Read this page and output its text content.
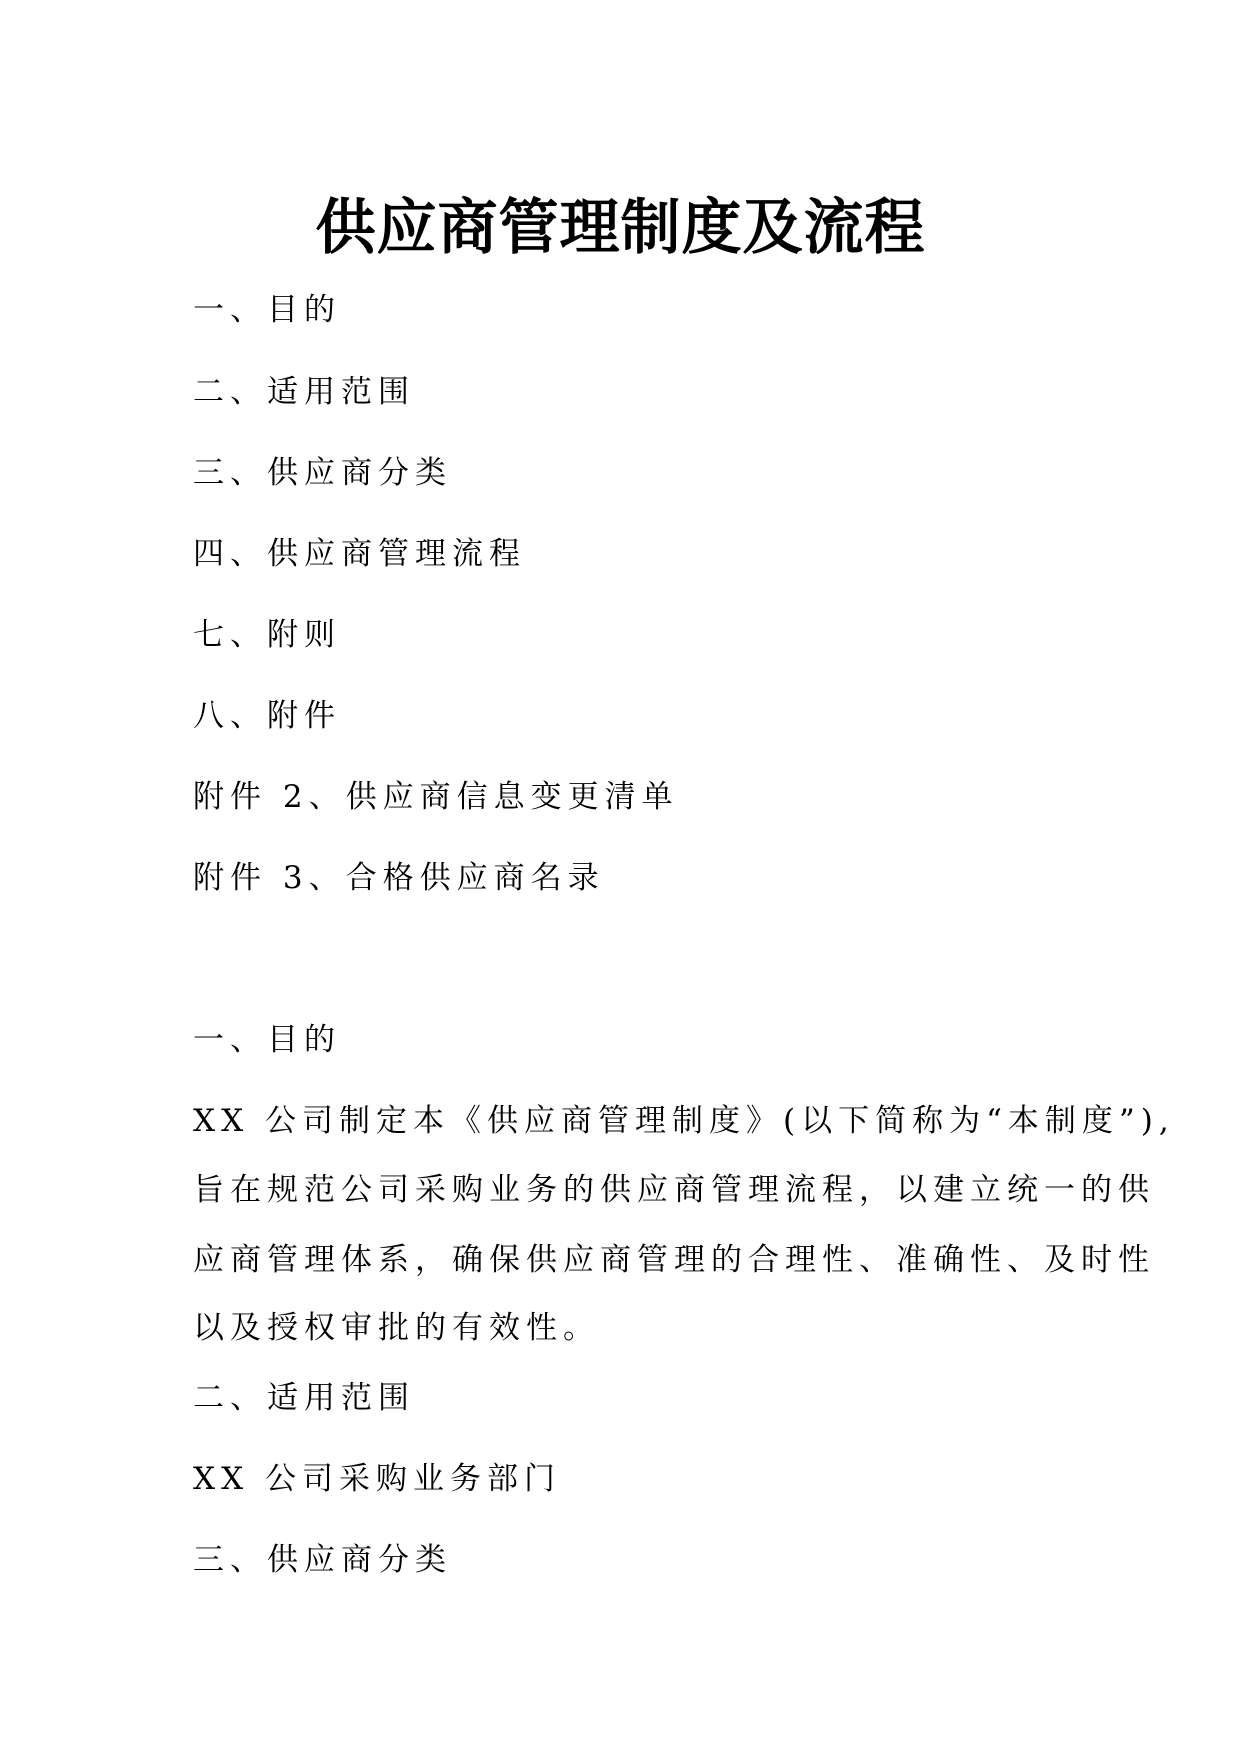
供应商管理制度及流程
一、目的
二、适用范围
三、供应商分类
四、供应商管理流程
七、附则
八、附件
附件 2、供应商信息变更清单
附件 3、合格供应商名录
一、目的
XX 公司制定本《供应商管理制度》(以下简称为“本制度”),
旨在规范公司采购业务的供应商管理流程，以建立统一的供
应商管理体系，确保供应商管理的合理性、准确性、及时性
以及授权审批的有效性。
二、适用范围
XX 公司采购业务部门
三、供应商分类
